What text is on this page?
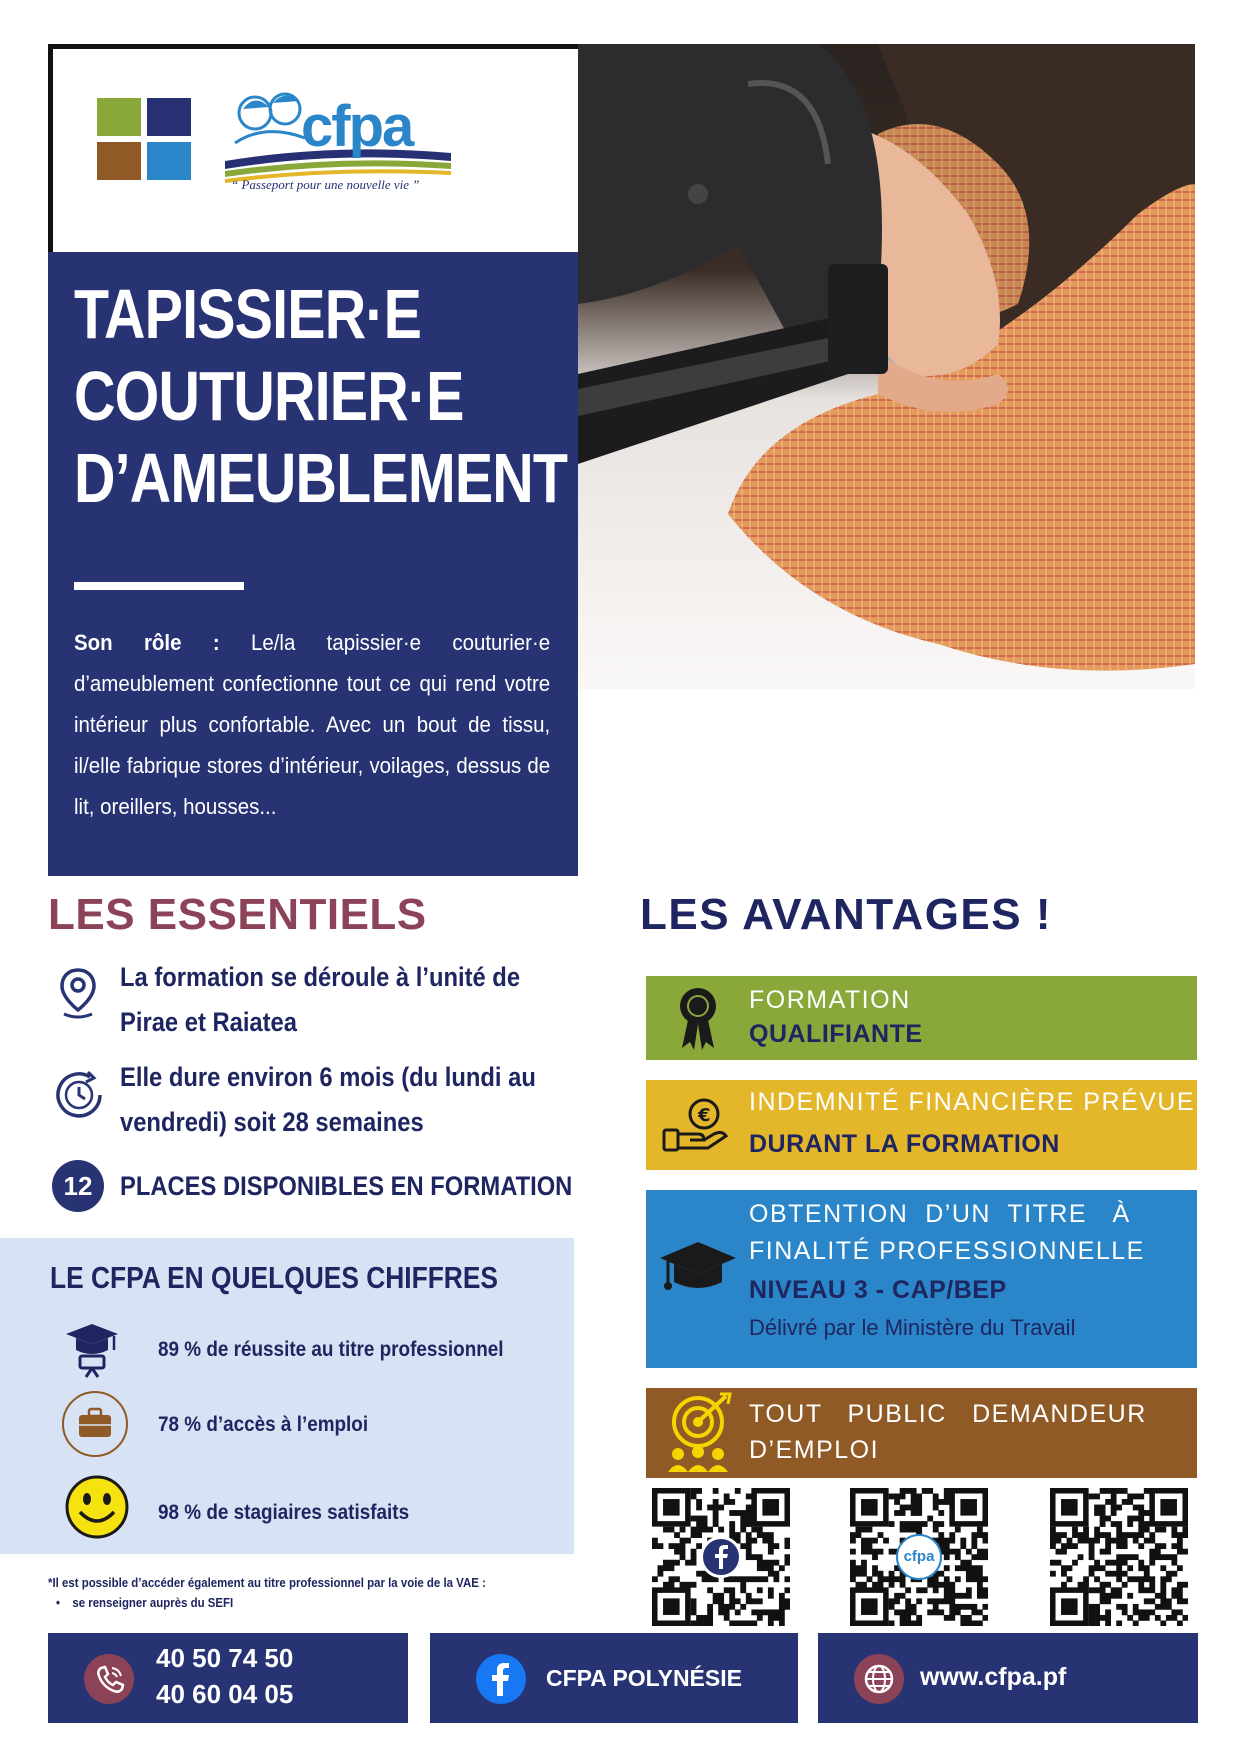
cfpa
“ Passeport pour une nouvelle vie ”
TAPISSIER·E
COUTURIER·E
D’AMEUBLEMENT

Son rôle : Le/la tapissier·e couturier·e d’ameublement confectionne tout ce qui rend votre intérieur plus confortable. Avec un bout de tissu, il/elle fabrique stores d’intérieur, voilages, dessus de lit, oreillers, housses...

LES ESSENTIELS
La formation se déroule à l’unité de
Pirae et Raiatea
Elle dure environ 6 mois (du lundi au
vendredi) soit 28 semaines
12	PLACES DISPONIBLES EN FORMATION
LE CFPA EN QUELQUES CHIFFRES
89 % de réussite au titre professionnel
78 % d’accès à l’emploi
98 % de stagiaires satisfaits
*Il est possible d’accéder également au titre professionnel par la voie de la VAE :
• se renseigner auprès du SEFI
LES AVANTAGES !
FORMATION
QUALIFIANTE
€ INDEMNITÉ FINANCIÈRE PRÉVUE
DURANT LA FORMATION
OBTENTION  D’UN  TITRE   À
FINALITÉ PROFESSIONNELLE
NIVEAU 3 - CAP/BEP
Délivré par le Ministère du Travail
TOUT   PUBLIC   DEMANDEUR
D’EMPLOI
cfpa
40 50 74 50
40 60 04 05
CFPA POLYNÉSIE	www.cfpa.pf
